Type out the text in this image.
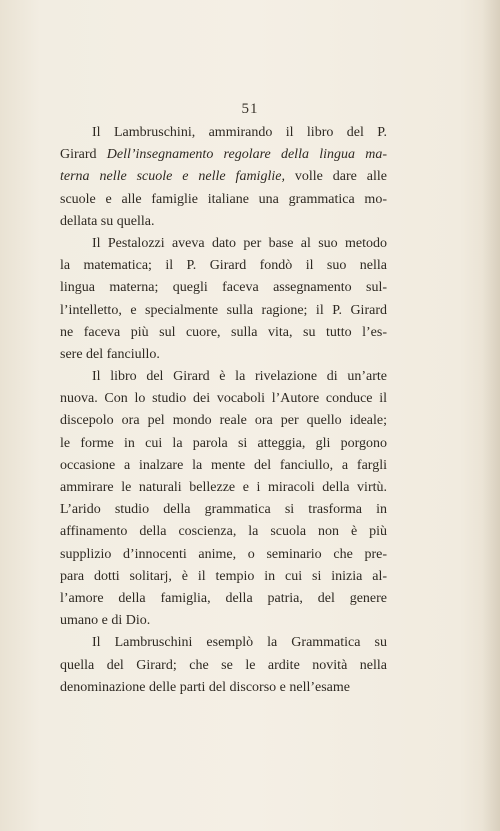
51
Il Lambruschini, ammirando il libro del P.
Girard Dell’insegnamento regolare della lingua ma-
terna nelle scuole e nelle famiglie, volle dare alle
scuole e alle famiglie italiane una grammatica mo-
dellata su quella.
Il Pestalozzi aveva dato per base al suo metodo
la matematica; il P. Girard fondò il suo nella
lingua materna; quegli faceva assegnamento sul-
l’intelletto, e specialmente sulla ragione; il P. Girard
ne faceva più sul cuore, sulla vita, su tutto l’es-
sere del fanciullo.
Il libro del Girard è la rivelazione di un’arte
nuova. Con lo studio dei vocaboli l’Autore conduce il
discepolo ora pel mondo reale ora per quello ideale;
le forme in cui la parola si atteggia, gli porgono
occasione a inalzare la mente del fanciullo, a fargli
ammirare le naturali bellezze e i miracoli della virtù.
L’arido studio della grammatica si trasforma in
affinamento della coscienza, la scuola non è più
supplizio d’innocenti anime, o seminario che pre-
para dotti solitarj, è il tempio in cui si inizia al-
l’amore della famiglia, della patria, del genere
umano e di Dio.
Il Lambruschini esemplò la Grammatica su
quella del Girard; che se le ardite novità nella
denominazione delle parti del discorso e nell’esame
